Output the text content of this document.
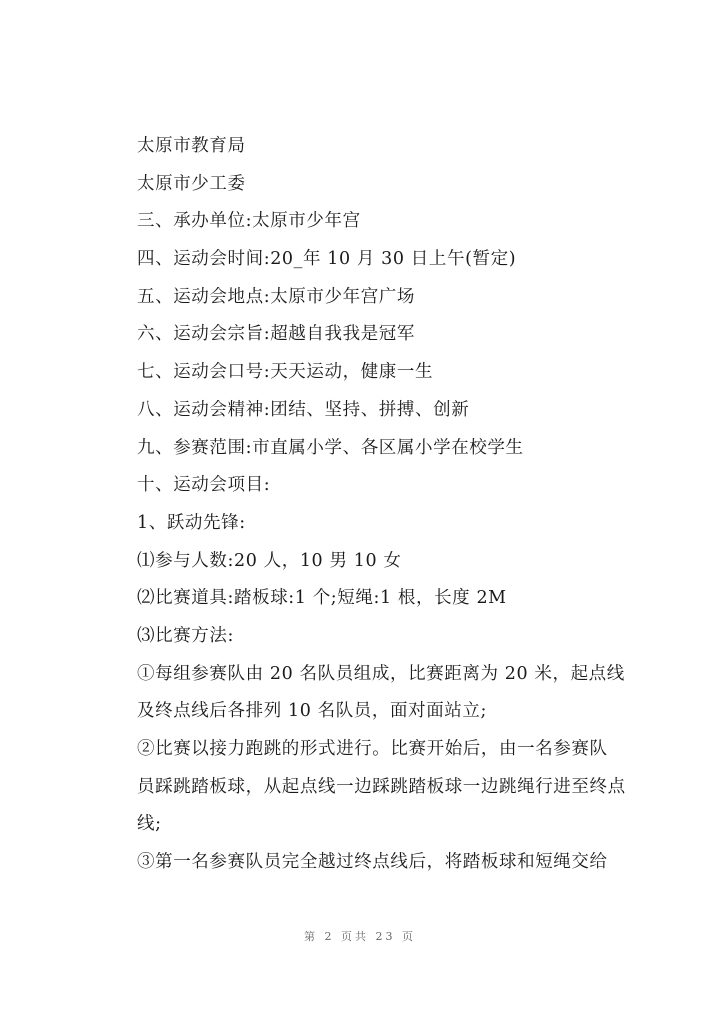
太原市教育局

太原市少工委

三、承办单位:太原市少年宫

四、运动会时间:20_年 10 月 30 日上午(暂定)

五、运动会地点:太原市少年宫广场

六、运动会宗旨:超越自我我是冠军

七、运动会口号:天天运动，健康一生

八、运动会精神:团结、坚持、拼搏、创新

九、参赛范围:市直属小学、各区属小学在校学生

十、运动会项目:

1、跃动先锋:

⑴参与人数:20 人，10 男 10 女

⑵比赛道具:踏板球:1 个;短绳:1 根，长度 2M

⑶比赛方法:

①每组参赛队由 20 名队员组成，比赛距离为 20 米，起点线
及终点线后各排列 10 名队员，面对面站立;
②比赛以接力跑跳的形式进行。比赛开始后，由一名参赛队
员踩跳踏板球，从起点线一边踩跳踏板球一边跳绳行进至终点
线;
③第一名参赛队员完全越过终点线后，将踏板球和短绳交给
第 2 页共 23 页
